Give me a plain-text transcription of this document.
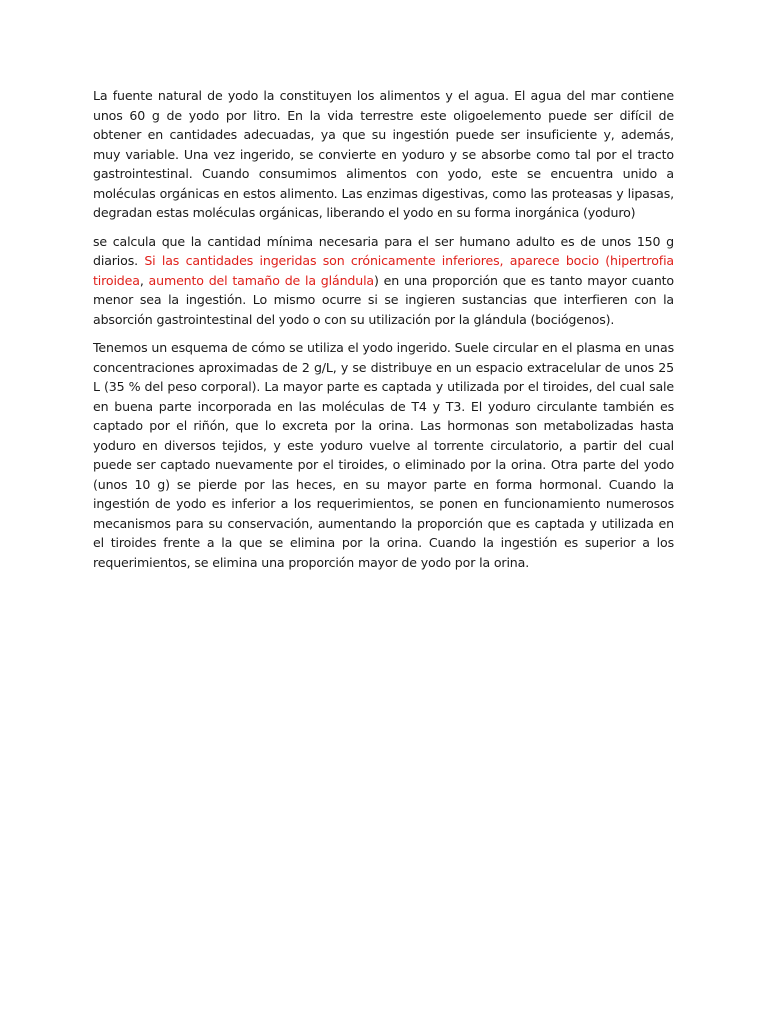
La fuente natural de yodo la constituyen los alimentos y el agua. El agua del mar contiene unos 60 g de yodo por litro. En la vida terrestre este oligoelemento puede ser difícil de obtener en cantidades adecuadas, ya que su ingestión puede ser insuficiente y, además, muy variable. Una vez ingerido, se convierte en yoduro y se absorbe como tal por el tracto gastrointestinal. Cuando consumimos alimentos con yodo, este se encuentra unido a moléculas orgánicas en estos alimento. Las enzimas digestivas, como las proteasas y lipasas, degradan estas moléculas orgánicas, liberando el yodo en su forma inorgánica (yoduro)

se calcula que la cantidad mínima necesaria para el ser humano adulto es de unos 150 g diarios. Si las cantidades ingeridas son crónicamente inferiores, aparece bocio (hipertrofia tiroidea, aumento del tamaño de la glándula) en una proporción que es tanto mayor cuanto menor sea la ingestión. Lo mismo ocurre si se ingieren sustancias que interfieren con la absorción gastrointestinal del yodo o con su utilización por la glándula (bociógenos).

Tenemos un esquema de cómo se utiliza el yodo ingerido. Suele circular en el plasma en unas concentraciones aproximadas de 2 g/L, y se distribuye en un espacio extracelular de unos 25 L (35 % del peso corporal). La mayor parte es captada y utilizada por el tiroides, del cual sale en buena parte incorporada en las moléculas de T4 y T3. El yoduro circulante también es captado por el riñón, que lo excreta por la orina. Las hormonas son metabolizadas hasta yoduro en diversos tejidos, y este yoduro vuelve al torrente circulatorio, a partir del cual puede ser captado nuevamente por el tiroides, o eliminado por la orina. Otra parte del yodo (unos 10 g) se pierde por las heces, en su mayor parte en forma hormonal. Cuando la ingestión de yodo es inferior a los requerimientos, se ponen en funcionamiento numerosos mecanismos para su conservación, aumentando la proporción que es captada y utilizada en el tiroides frente a la que se elimina por la orina. Cuando la ingestión es superior a los requerimientos, se elimina una proporción mayor de yodo por la orina.
